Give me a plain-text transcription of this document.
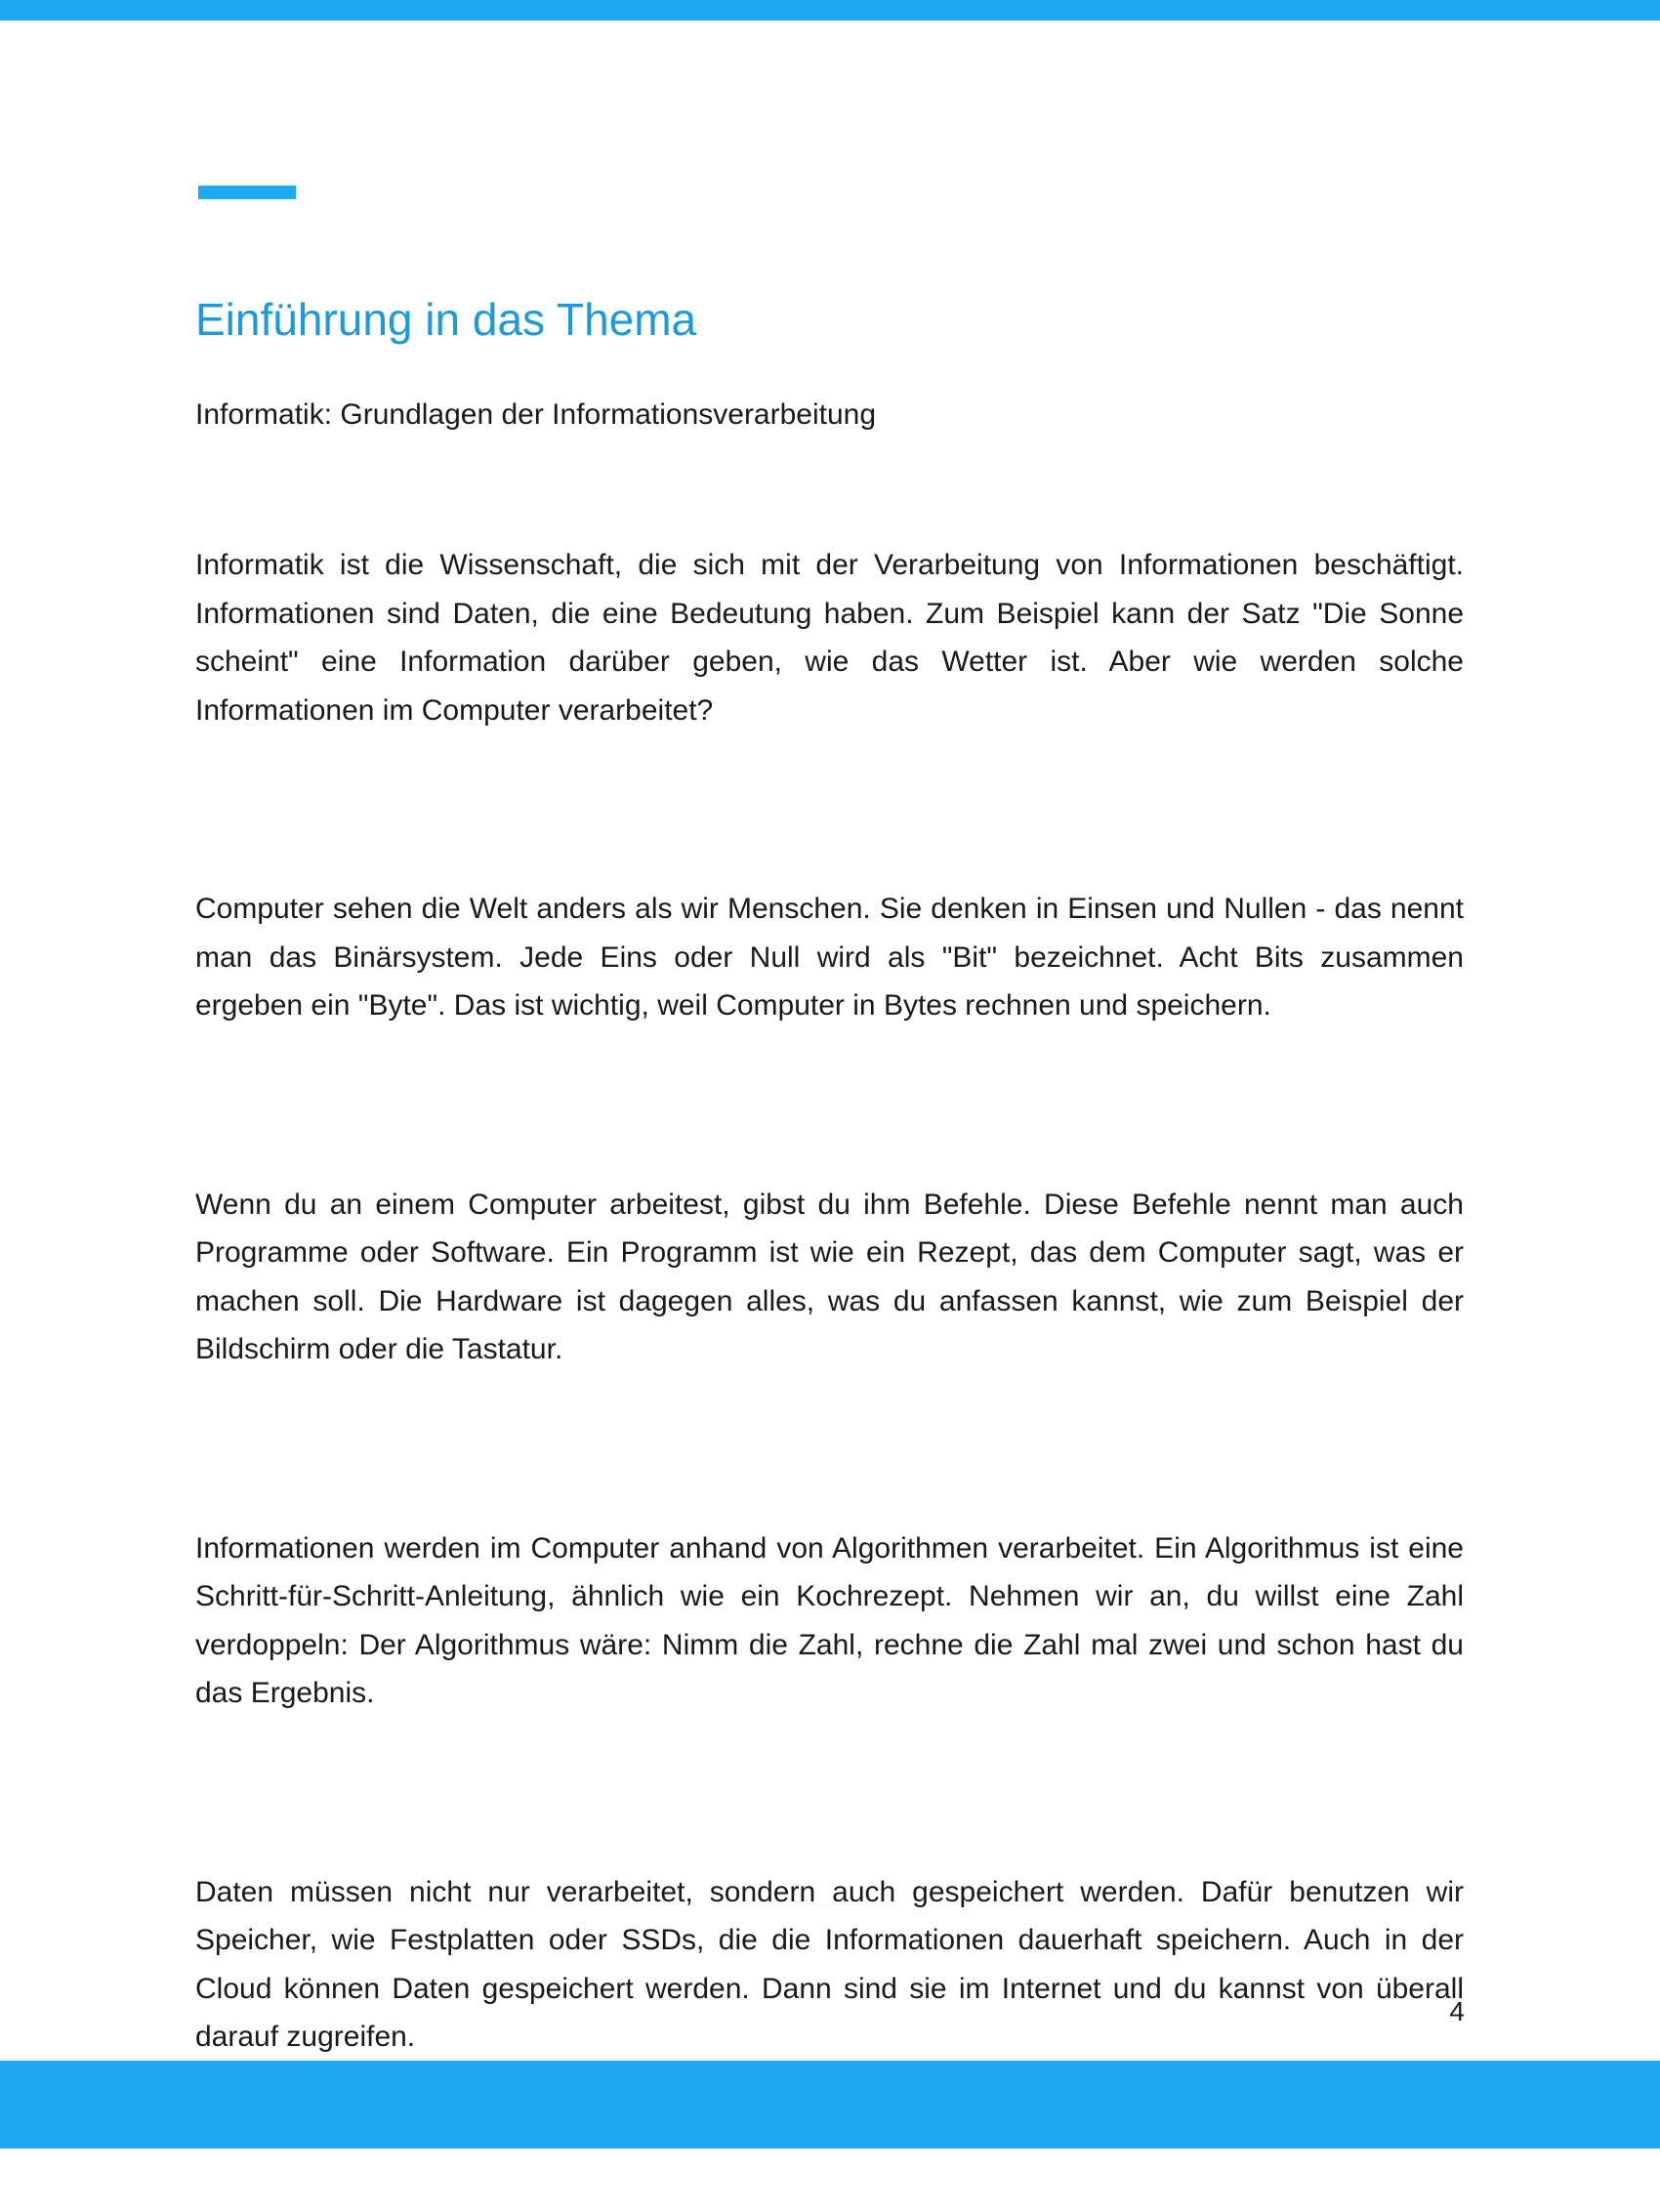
Einführung in das Thema

Informatik: Grundlagen der Informationsverarbeitung

Informatik ist die Wissenschaft, die sich mit der Verarbeitung von Informationen beschäftigt. Informationen sind Daten, die eine Bedeutung haben. Zum Beispiel kann der Satz "Die Sonne scheint" eine Information darüber geben, wie das Wetter ist. Aber wie werden solche Informationen im Computer verarbeitet?

Computer sehen die Welt anders als wir Menschen. Sie denken in Einsen und Nullen - das nennt man das Binärsystem. Jede Eins oder Null wird als "Bit" bezeichnet. Acht Bits zusammen ergeben ein "Byte". Das ist wichtig, weil Computer in Bytes rechnen und speichern.

Wenn du an einem Computer arbeitest, gibst du ihm Befehle. Diese Befehle nennt man auch Programme oder Software. Ein Programm ist wie ein Rezept, das dem Computer sagt, was er machen soll. Die Hardware ist dagegen alles, was du anfassen kannst, wie zum Beispiel der Bildschirm oder die Tastatur.

Informationen werden im Computer anhand von Algorithmen verarbeitet. Ein Algorithmus ist eine Schritt-für-Schritt-Anleitung, ähnlich wie ein Kochrezept. Nehmen wir an, du willst eine Zahl verdoppeln: Der Algorithmus wäre: Nimm die Zahl, rechne die Zahl mal zwei und schon hast du das Ergebnis.

Daten müssen nicht nur verarbeitet, sondern auch gespeichert werden. Dafür benutzen wir Speicher, wie Festplatten oder SSDs, die die Informationen dauerhaft speichern. Auch in der Cloud können Daten gespeichert werden. Dann sind sie im Internet und du kannst von überall darauf zugreifen.

4
